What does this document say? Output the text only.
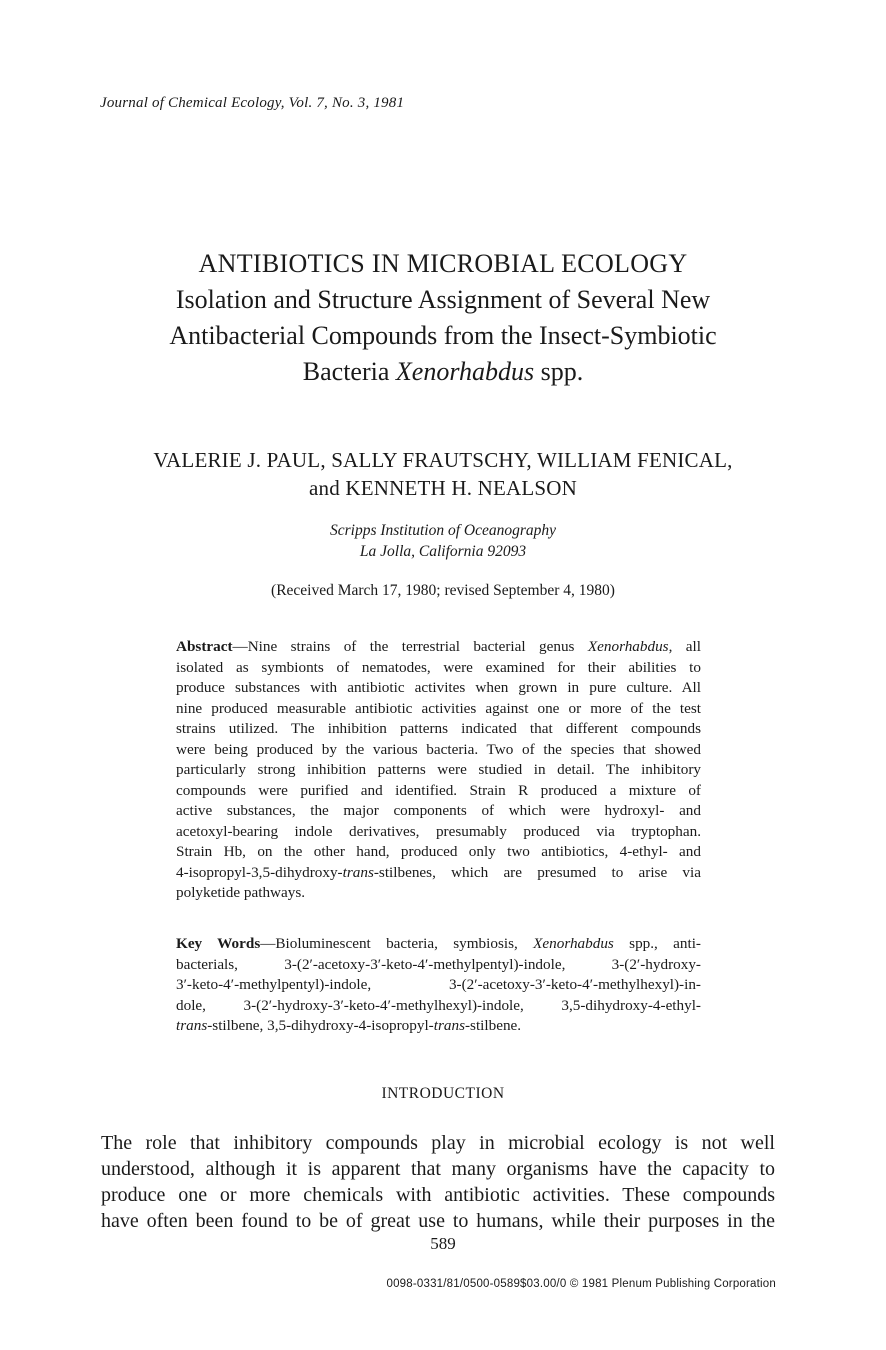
Journal of Chemical Ecology, Vol. 7, No. 3, 1981
ANTIBIOTICS IN MICROBIAL ECOLOGY
Isolation and Structure Assignment of Several New
Antibacterial Compounds from the Insect-Symbiotic
Bacteria Xenorhabdus spp.
VALERIE J. PAUL, SALLY FRAUTSCHY, WILLIAM FENICAL,
and KENNETH H. NEALSON
Scripps Institution of Oceanography
La Jolla, California 92093
(Received March 17, 1980; revised September 4, 1980)
Abstract—Nine strains of the terrestrial bacterial genus Xenorhabdus, all
isolated as symbionts of nematodes, were examined for their abilities to
produce substances with antibiotic activites when grown in pure culture. All
nine produced measurable antibiotic activities against one or more of the test
strains utilized. The inhibition patterns indicated that different compounds
were being produced by the various bacteria. Two of the species that showed
particularly strong inhibition patterns were studied in detail. The inhibitory
compounds were purified and identified. Strain R produced a mixture of
active substances, the major components of which were hydroxyl- and
acetoxyl-bearing indole derivatives, presumably produced via tryptophan.
Strain Hb, on the other hand, produced only two antibiotics, 4-ethyl- and
4-isopropyl-3,5-dihydroxy-trans-stilbenes, which are presumed to arise via
polyketide pathways.
Key Words—Bioluminescent bacteria, symbiosis, Xenorhabdus spp., anti-
bacterials, 3-(2′-acetoxy-3′-keto-4′-methylpentyl)-indole, 3-(2′-hydroxy-
3′-keto-4′-methylpentyl)-indole, 3-(2′-acetoxy-3′-keto-4′-methylhexyl)-in-
dole, 3-(2′-hydroxy-3′-keto-4′-methylhexyl)-indole, 3,5-dihydroxy-4-ethyl-
trans-stilbene, 3,5-dihydroxy-4-isopropyl-trans-stilbene.
INTRODUCTION
The role that inhibitory compounds play in microbial ecology is not well
understood, although it is apparent that many organisms have the capacity to
produce one or more chemicals with antibiotic activities. These compounds
have often been found to be of great use to humans, while their purposes in the
589
0098-0331/81/0500-0589$03.00/0 © 1981 Plenum Publishing Corporation
